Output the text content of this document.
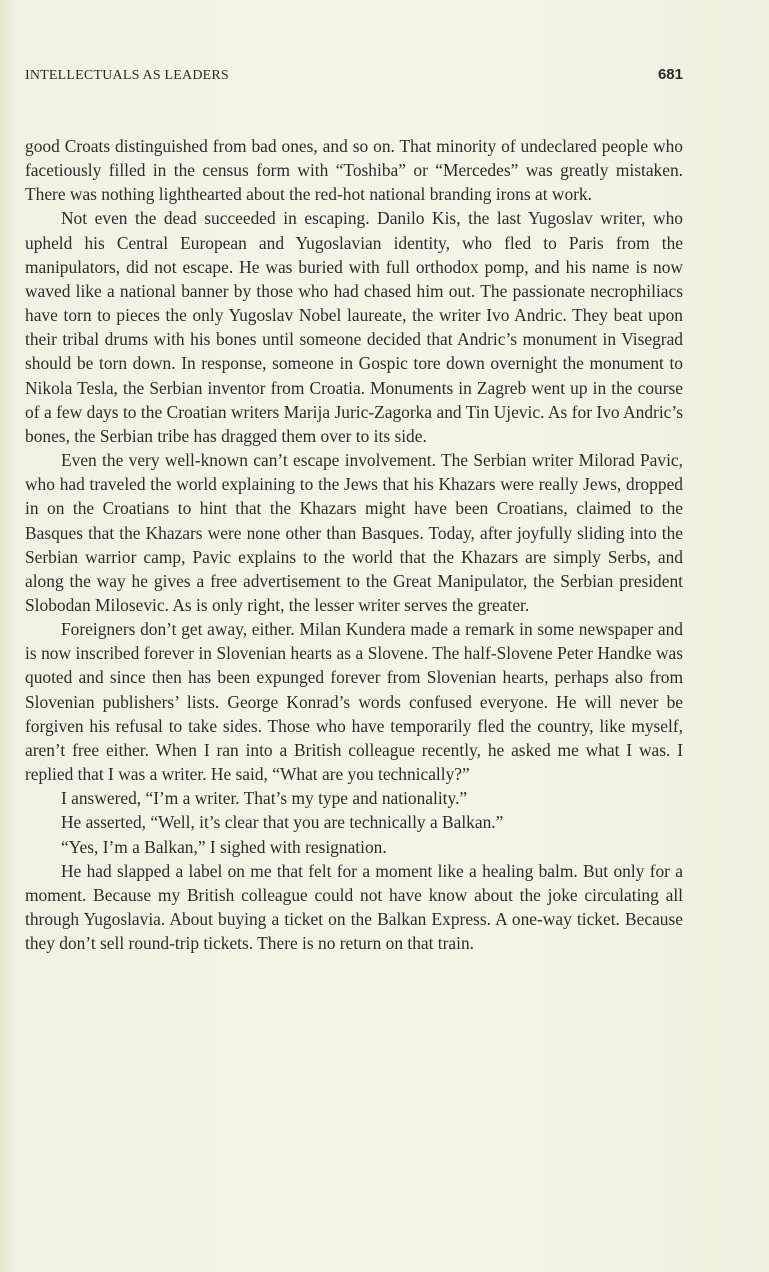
INTELLECTUALS AS LEADERS	681

good Croats distinguished from bad ones, and so on. That minority of undeclared people who facetiously filled in the census form with “Toshiba” or “Mercedes” was greatly mistaken. There was nothing lighthearted about the red-hot national branding irons at work.

Not even the dead succeeded in escaping. Danilo Kis, the last Yugoslav writer, who upheld his Central European and Yugoslavian identity, who fled to Paris from the manipulators, did not escape. He was buried with full orthodox pomp, and his name is now waved like a national banner by those who had chased him out. The passionate necrophiliacs have torn to pieces the only Yugoslav Nobel laureate, the writer Ivo Andric. They beat upon their tribal drums with his bones until someone decided that Andric’s monument in Visegrad should be torn down. In response, someone in Gospic tore down overnight the monument to Nikola Tesla, the Serbian inventor from Croatia. Monuments in Zagreb went up in the course of a few days to the Croatian writers Marija Juric-Zagorka and Tin Ujevic. As for Ivo Andric’s bones, the Serbian tribe has dragged them over to its side.

Even the very well-known can’t escape involvement. The Serbian writer Milorad Pavic, who had traveled the world explaining to the Jews that his Khazars were really Jews, dropped in on the Croatians to hint that the Khazars might have been Croatians, claimed to the Basques that the Khazars were none other than Basques. Today, after joyfully sliding into the Serbian warrior camp, Pavic explains to the world that the Khazars are simply Serbs, and along the way he gives a free advertisement to the Great Manipulator, the Serbian president Slobodan Milosevic. As is only right, the lesser writer serves the greater.

Foreigners don’t get away, either. Milan Kundera made a remark in some newspaper and is now inscribed forever in Slovenian hearts as a Slovene. The half-Slovene Peter Handke was quoted and since then has been expunged forever from Slovenian hearts, perhaps also from Slovenian publishers’ lists. George Konrad’s words confused everyone. He will never be forgiven his refusal to take sides. Those who have temporarily fled the country, like myself, aren’t free either. When I ran into a British colleague recently, he asked me what I was. I replied that I was a writer. He said, “What are you technically?”

I answered, “I’m a writer. That’s my type and nationality.”

He asserted, “Well, it’s clear that you are technically a Balkan.”

“Yes, I’m a Balkan,” I sighed with resignation.

He had slapped a label on me that felt for a moment like a healing balm. But only for a moment. Because my British colleague could not have know about the joke circulating all through Yugoslavia. About buying a ticket on the Balkan Express. A one-way ticket. Because they don’t sell round-trip tickets. There is no return on that train.
